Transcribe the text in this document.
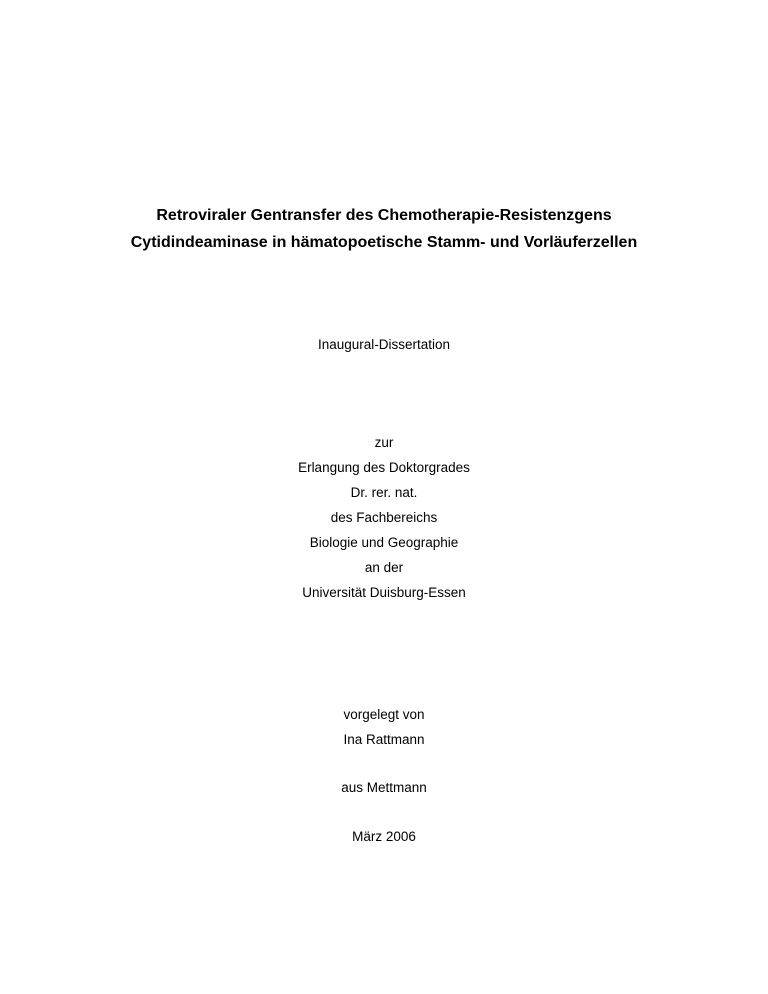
Retroviraler Gentransfer des Chemotherapie-Resistenzgens
Cytidindeaminase in hämatopoetische Stamm- und Vorläuferzellen
Inaugural-Dissertation
zur
Erlangung des Doktorgrades
Dr. rer. nat.
des Fachbereichs
Biologie und Geographie
an der
Universität Duisburg-Essen
vorgelegt von
Ina Rattmann
aus Mettmann
März 2006
